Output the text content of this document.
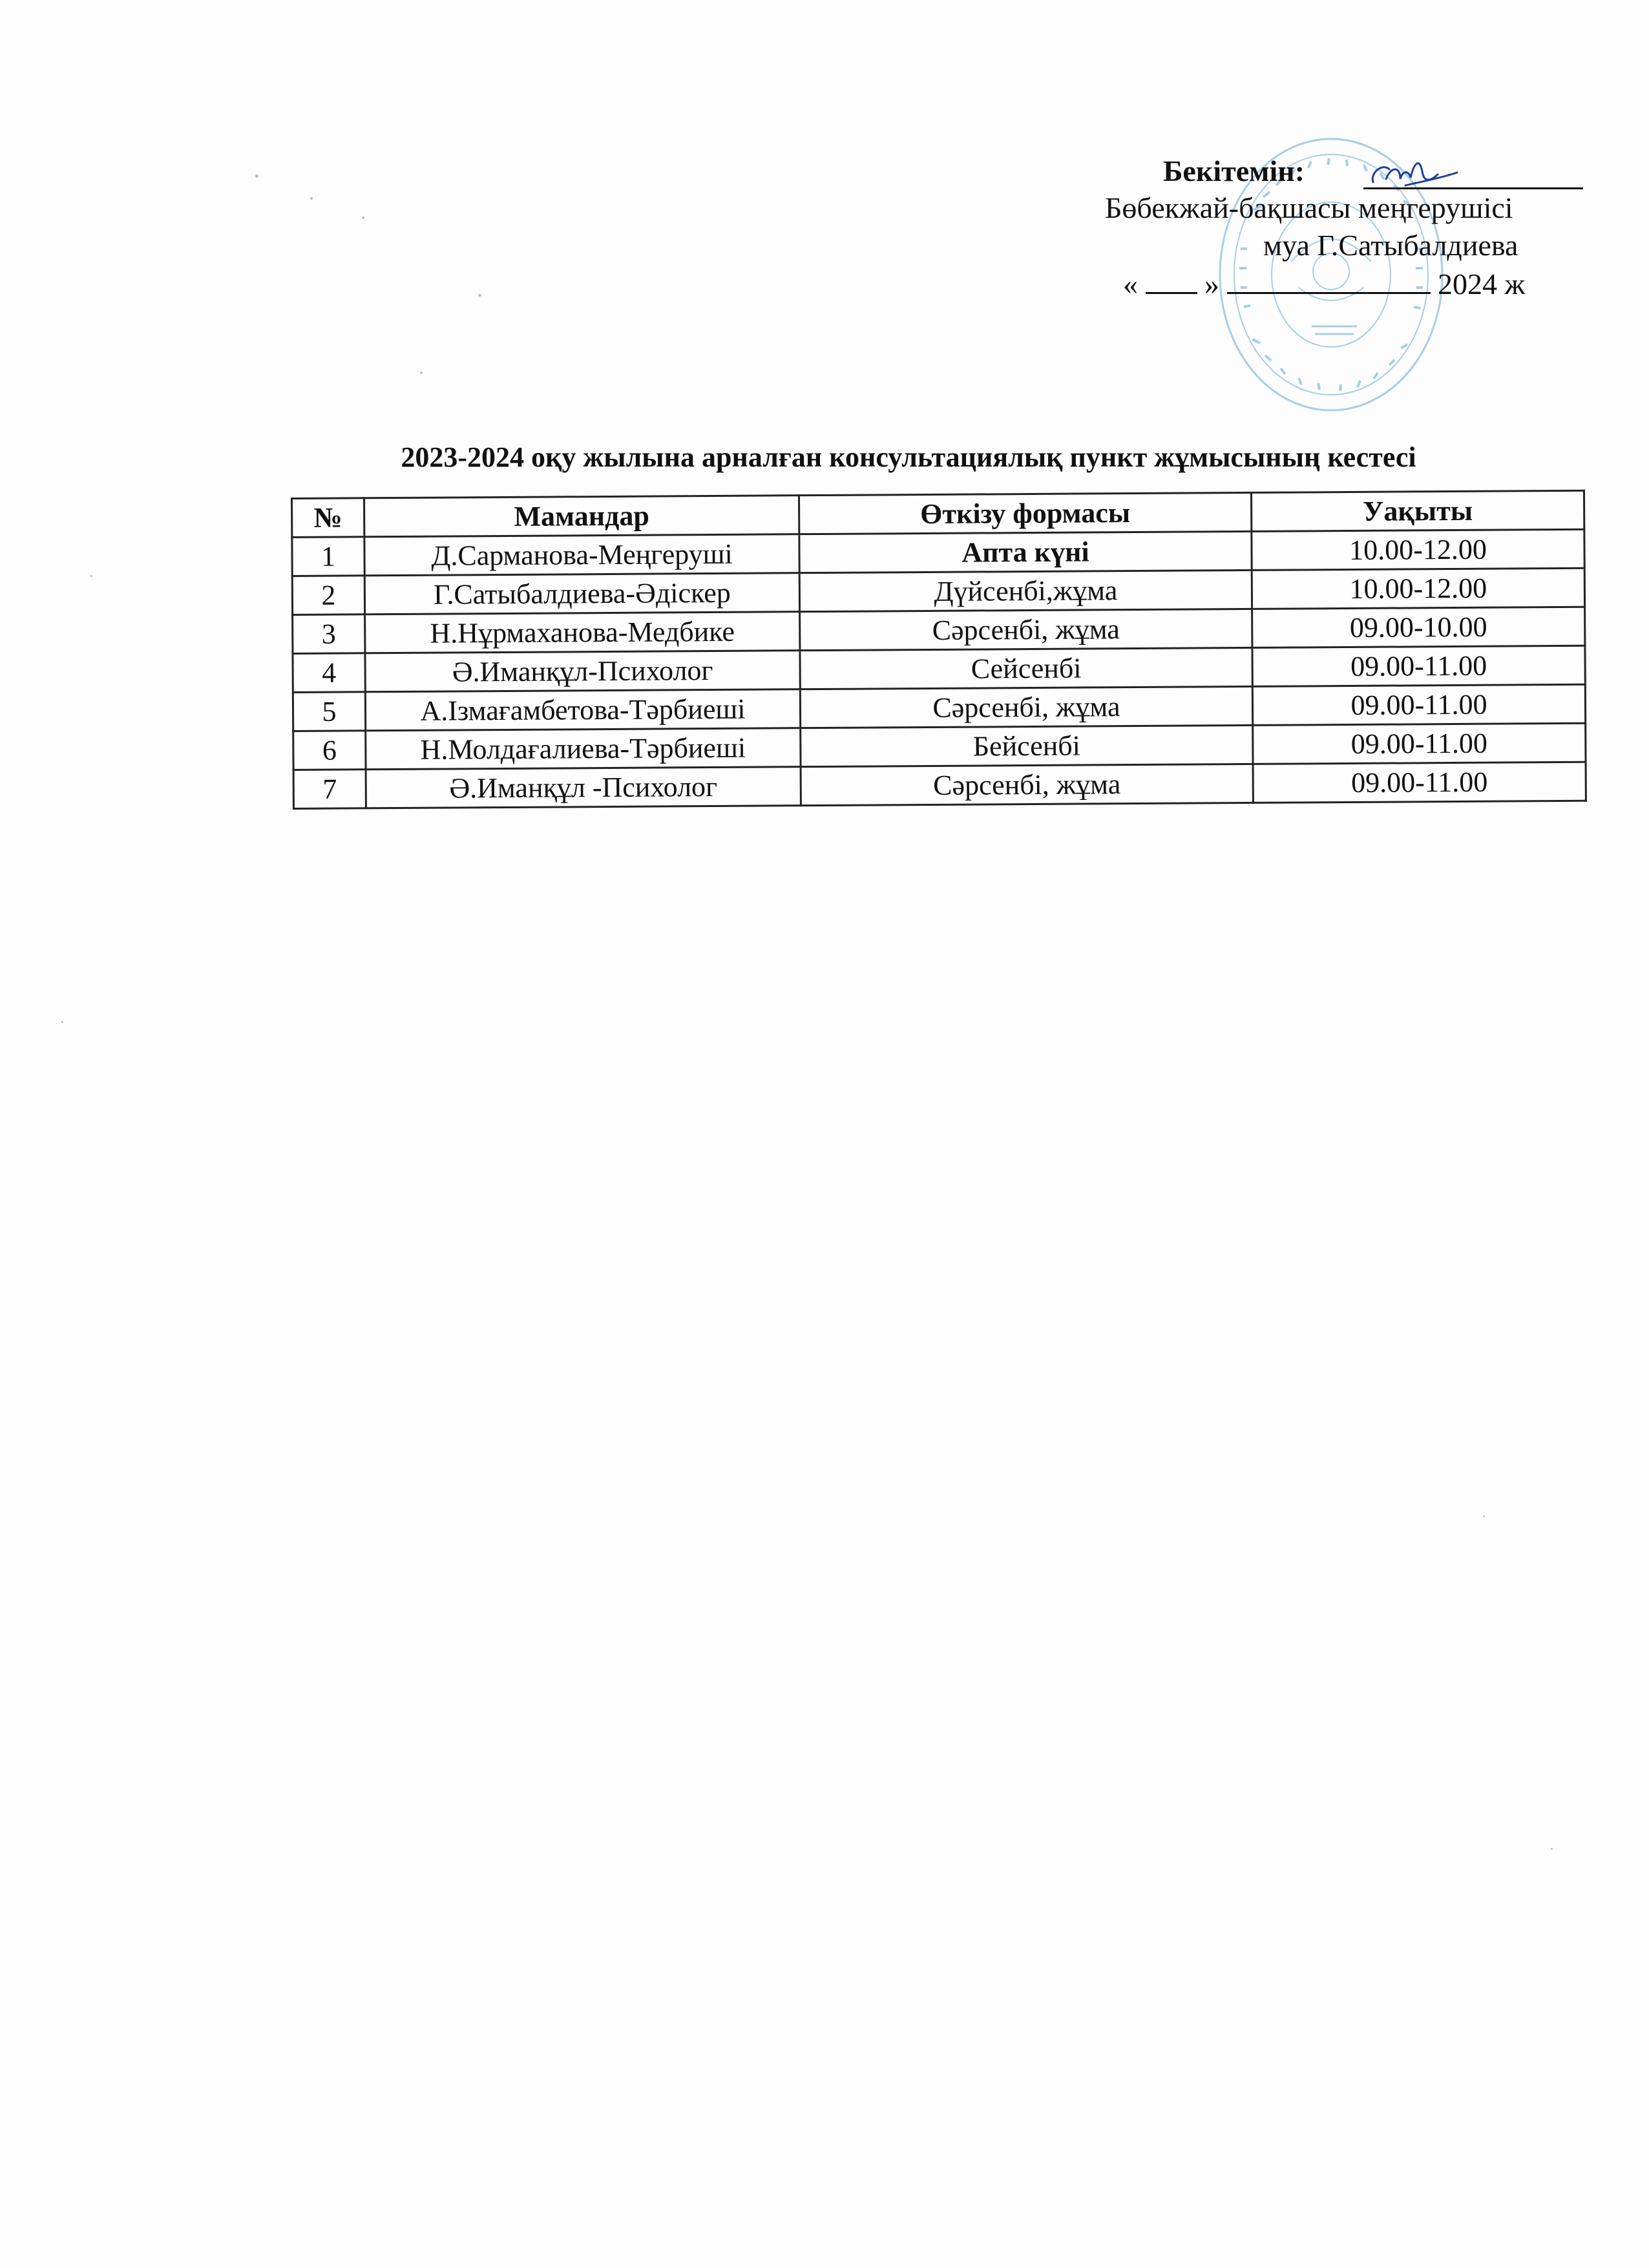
Бекітемін:
Бөбекжай-бақшасы меңгерушісі
муа Г.Сатыбалдиева
« »	2024 ж
2023-2024 оқу жылына арналған консультациялық пункт жұмысының кестесі
№	Мамандар	Өткізу формасы	Уақыты
1	Д.Сарманова-Меңгеруші	Апта күні	10.00-12.00
2	Г.Сатыбалдиева-Әдіскер	Дүйсенбі,жұма	10.00-12.00
3	Н.Нұрмаханова-Медбике	Сәрсенбі, жұма	09.00-10.00
4	Ә.Иманқұл-Психолог	Сейсенбі	09.00-11.00
5	А.Ізмағамбетова-Тәрбиеші	Сәрсенбі, жұма	09.00-11.00
6	Н.Молдағалиева-Тәрбиеші	Бейсенбі	09.00-11.00
7	Ә.Иманқұл -Психолог	Сәрсенбі, жұма	09.00-11.00
